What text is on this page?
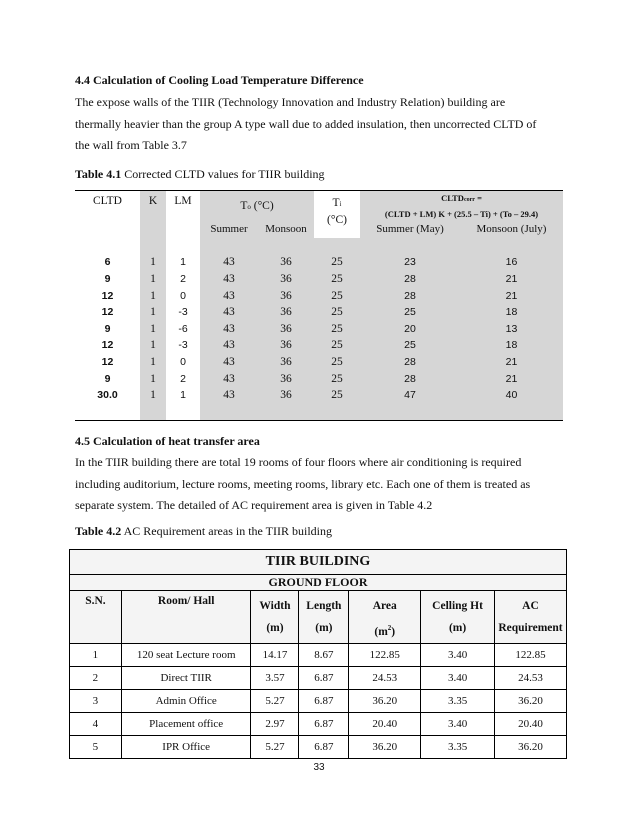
4.4 Calculation of Cooling Load Temperature Difference
The expose walls of the TIIR (Technology Innovation and Industry Relation) building are
thermally heavier than the group A type wall due to added insulation, then uncorrected CLTD of
the wall from Table 3.7
Table 4.1 Corrected CLTD values for TIIR building
CLTD	K	LM	To (°C)		Ti
(°C)	CLTDcorr =
(CLTD + LM) K + (25.5 – Ti) + (To – 29.4)	
			Summer	Monsoon		Summer (May)	Monsoon (July)

6	1	1	43	36	25	23	16
9	1	2	43	36	25	28	21
12	1	0	43	36	25	28	21
12	1	-3	43	36	25	25	18
9	1	-6	43	36	25	20	13
12	1	-3	43	36	25	25	18
12	1	0	43	36	25	28	21
9	1	2	43	36	25	28	21
30.0	1	1	43	36	25	47	40

4.5 Calculation of heat transfer area
In the TIIR building there are total 19 rooms of four floors where air conditioning is required
including auditorium, lecture rooms, meeting rooms, library etc. Each one of them is treated as
separate system. The detailed of AC requirement area is given in Table 4.2
Table 4.2 AC Requirement areas in the TIIR building
TIIR BUILDING						
GROUND FLOOR						
S.N.	Room/ Hall	Width
(m)	Length
(m)	Area
$(m^2)$	Celling Ht
(m)	AC
Requirement
1	120 seat Lecture room	14.17	8.67	122.85	3.40	122.85
2	Direct TIIR	3.57	6.87	24.53	3.40	24.53
3	Admin Office	5.27	6.87	36.20	3.35	36.20
4	Placement office	2.97	6.87	20.40	3.40	20.40
5	IPR Office	5.27	6.87	36.20	3.35	36.20
33
